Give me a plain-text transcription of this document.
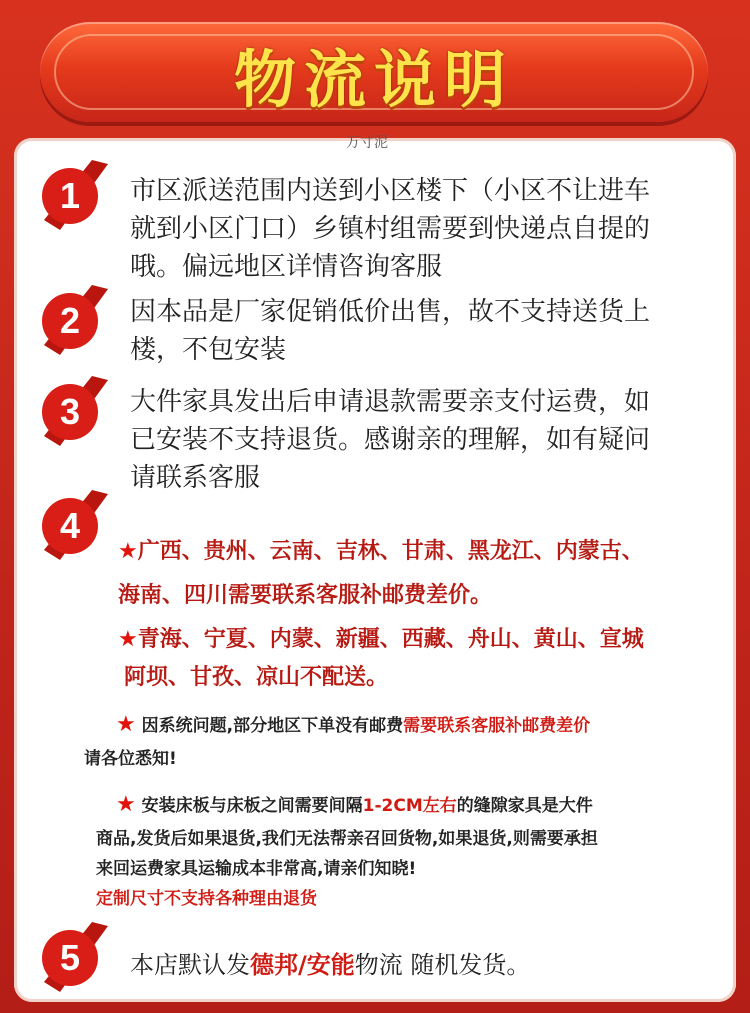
物流说明
万寸泥
1 市区派送范围内送到小区楼下（小区不让进车
就到小区门口）乡镇村组需要到快递点自提的
哦。偏远地区详情咨询客服
2 因本品是厂家促销低价出售，故不支持送货上
楼，不包安装
3 大件家具发出后申请退款需要亲支付运费，如
已安装不支持退货。感谢亲的理解，如有疑问
请联系客服
4
★广西、贵州、云南、吉林、甘肃、黑龙江、内蒙古、
海南、四川需要联系客服补邮费差价。
★青海、宁夏、内蒙、新疆、西藏、舟山、黄山、宣城
阿坝、甘孜、凉山不配送。
★ 因系统问题,部分地区下单没有邮费需要联系客服补邮费差价
请各位悉知!
★ 安装床板与床板之间需要间隔1-2CM左右的缝隙家具是大件
商品,发货后如果退货,我们无法帮亲召回货物,如果退货,则需要承担
来回运费家具运输成本非常高,请亲们知晓!
定制尺寸不支持各种理由退货
5 本店默认发德邦/安能物流 随机发货。
